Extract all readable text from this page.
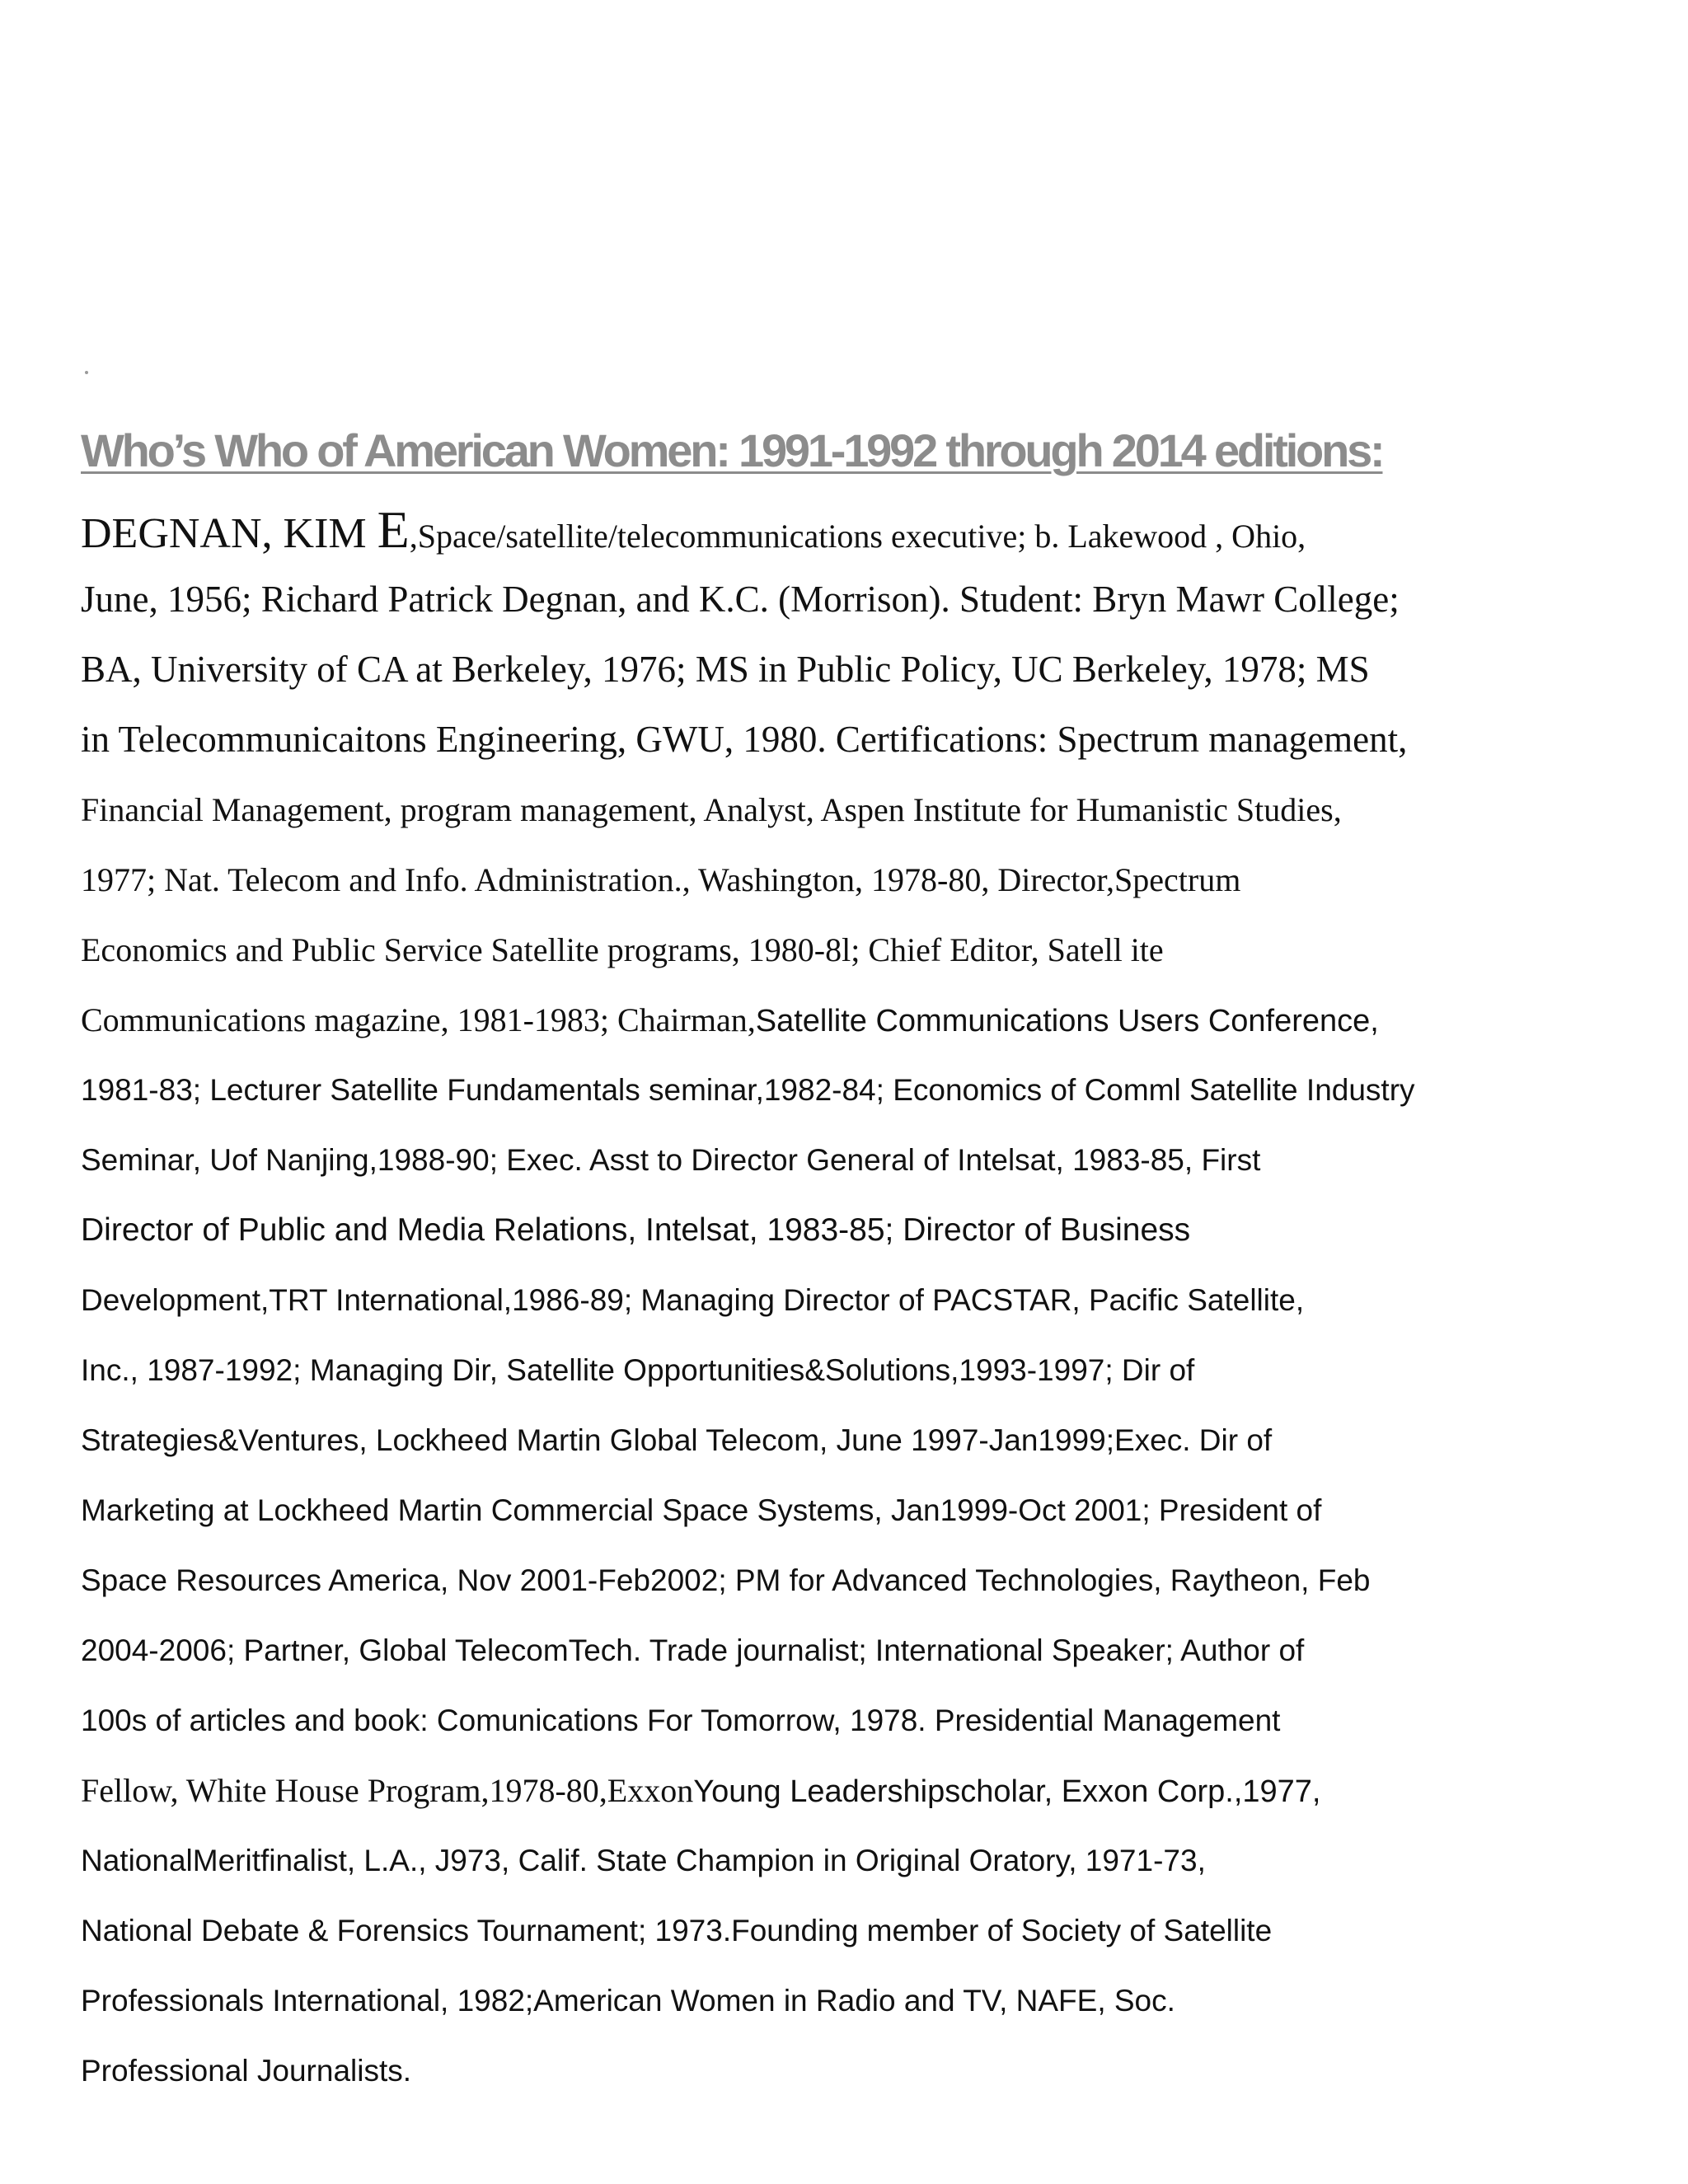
Who’s Who of American Women: 1991-1992 through 2014 editions:
DEGNAN, KIM E,Space/satellite/telecommunications executive; b. Lakewood , Ohio,
June, 1956; Richard Patrick Degnan, and K.C. (Morrison). Student: Bryn Mawr College;
BA, University of CA at Berkeley, 1976; MS in Public Policy, UC Berkeley, 1978; MS
in Telecommunicaitons Engineering, GWU, 1980. Certifications: Spectrum management,
Financial Management, program management, Analyst, Aspen Institute for Humanistic Studies,
1977; Nat. Telecom and Info. Administration., Washington, 1978-80, Director,Spectrum
Economics and Public Service Satellite programs, 1980-8l; Chief Editor, Satell ite
Communications magazine, 1981-1983; Chairman,Satellite Communications Users Conference,
1981-83; Lecturer Satellite Fundamentals seminar,1982-84; Economics of Comml Satellite Industry
Seminar, Uof Nanjing,1988-90; Exec. Asst to Director General of Intelsat, 1983-85, First
Director of Public and Media Relations, Intelsat, 1983-85; Director of Business
Development,TRT International,1986-89; Managing Director of PACSTAR, Pacific Satellite,
Inc., 1987-1992; Managing Dir, Satellite Opportunities&Solutions,1993-1997; Dir of
Strategies&Ventures, Lockheed Martin Global Telecom, June 1997-Jan1999;Exec. Dir of
Marketing at Lockheed Martin Commercial Space Systems, Jan1999-Oct 2001; President of
Space Resources America, Nov 2001-Feb2002; PM for Advanced Technologies, Raytheon, Feb
2004-2006; Partner, Global TelecomTech. Trade journalist; International Speaker; Author of
100s of articles and book: Comunications For Tomorrow, 1978. Presidential Management
Fellow, White House Program,1978-80,ExxonYoung Leadershipscholar, Exxon Corp.,1977,
NationalMeritfinalist, L.A., J973, Calif. State Champion in Original Oratory, 1971-73,
National Debate & Forensics Tournament; 1973.Founding member of Society of Satellite
Professionals International, 1982;American Women in Radio and TV, NAFE, Soc.
Professional Journalists.
